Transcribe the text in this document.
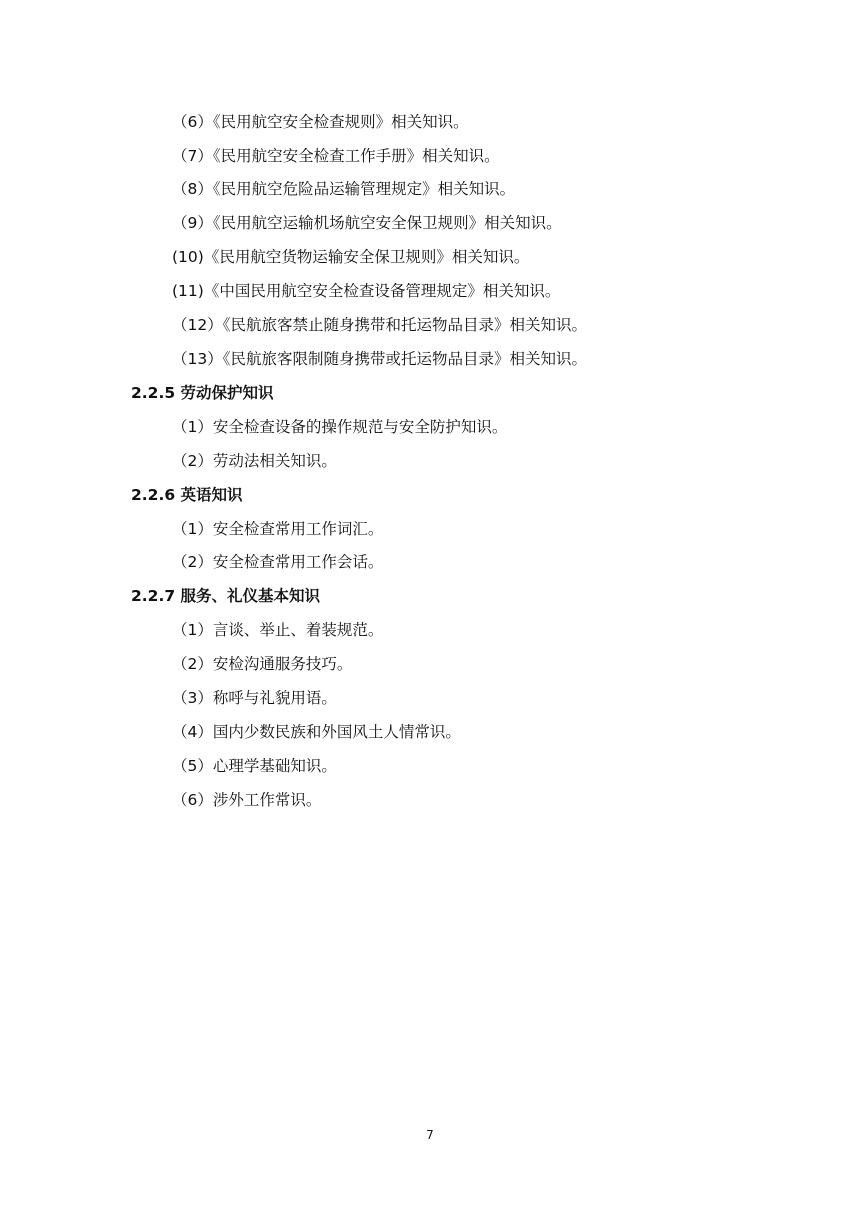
（6）《民用航空安全检查规则》相关知识。
（7）《民用航空安全检查工作手册》相关知识。
（8）《民用航空危险品运输管理规定》相关知识。
（9）《民用航空运输机场航空安全保卫规则》相关知识。
(10)《民用航空货物运输安全保卫规则》相关知识。
(11)《中国民用航空安全检查设备管理规定》相关知识。
（12）《民航旅客禁止随身携带和托运物品目录》相关知识。
（13）《民航旅客限制随身携带或托运物品目录》相关知识。
2.2.5 劳动保护知识
（1）安全检查设备的操作规范与安全防护知识。
（2）劳动法相关知识。
2.2.6 英语知识
（1）安全检查常用工作词汇。
（2）安全检查常用工作会话。
2.2.7 服务、礼仪基本知识
（1）言谈、举止、着装规范。
（2）安检沟通服务技巧。
（3）称呼与礼貌用语。
（4）国内少数民族和外国风土人情常识。
（5）心理学基础知识。
（6）涉外工作常识。
7
